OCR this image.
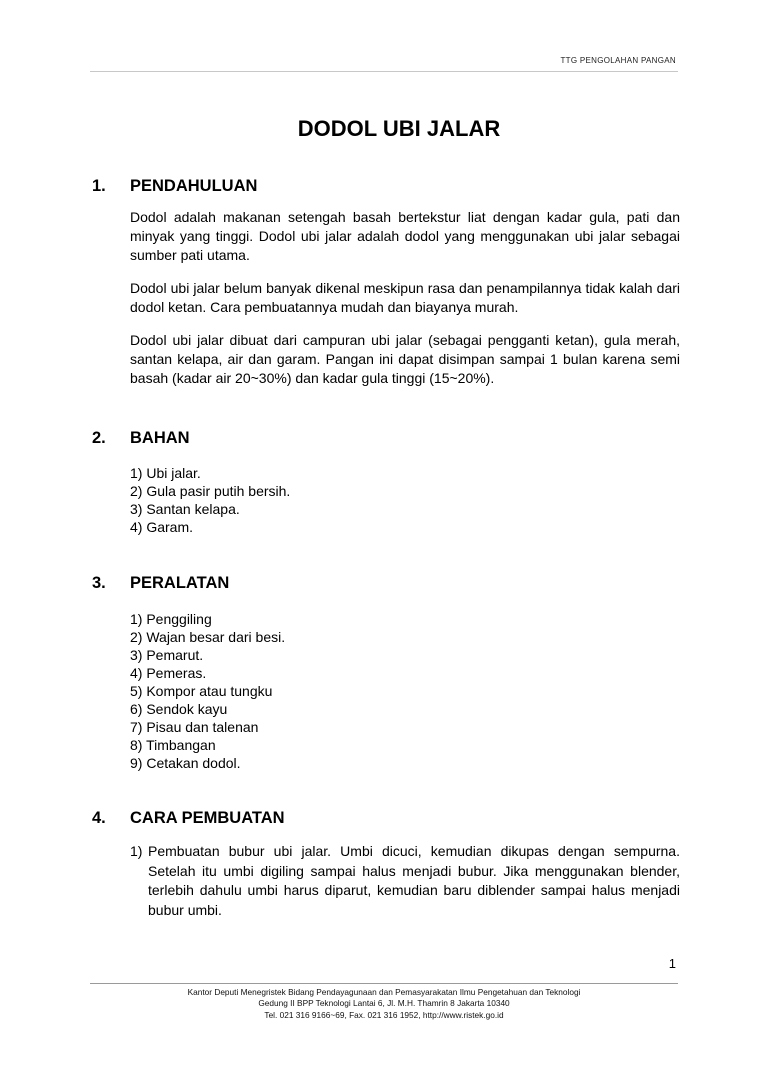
TTG PENGOLAHAN PANGAN
DODOL UBI JALAR
1.	PENDAHULUAN
Dodol adalah makanan setengah basah bertekstur liat dengan kadar gula, pati dan minyak yang tinggi. Dodol ubi jalar adalah dodol yang menggunakan ubi jalar sebagai sumber pati utama.
Dodol ubi jalar belum banyak dikenal meskipun rasa dan penampilannya tidak kalah dari dodol ketan. Cara pembuatannya mudah dan biayanya murah.
Dodol ubi jalar dibuat dari campuran ubi jalar (sebagai pengganti ketan), gula merah, santan kelapa, air dan garam. Pangan ini dapat disimpan sampai 1 bulan karena semi basah (kadar air 20~30%) dan kadar gula tinggi (15~20%).
2.	BAHAN
1) Ubi jalar.
2) Gula pasir putih bersih.
3) Santan kelapa.
4) Garam.
3.	PERALATAN
1) Penggiling
2) Wajan besar dari besi.
3) Pemarut.
4) Pemeras.
5) Kompor atau tungku
6) Sendok kayu
7) Pisau dan talenan
8) Timbangan
9) Cetakan dodol.
4.	CARA PEMBUATAN
1) Pembuatan bubur ubi jalar. Umbi dicuci, kemudian dikupas dengan sempurna. Setelah itu umbi digiling sampai halus menjadi bubur. Jika menggunakan blender, terlebih dahulu umbi harus diparut, kemudian baru diblender sampai halus menjadi bubur umbi.
1
Kantor Deputi Menegristek Bidang Pendayagunaan dan Pemasyarakatan Ilmu Pengetahuan dan Teknologi
Gedung II BPP Teknologi Lantai 6, Jl. M.H. Thamrin 8 Jakarta 10340
Tel. 021 316 9166~69, Fax. 021 316 1952, http://www.ristek.go.id
